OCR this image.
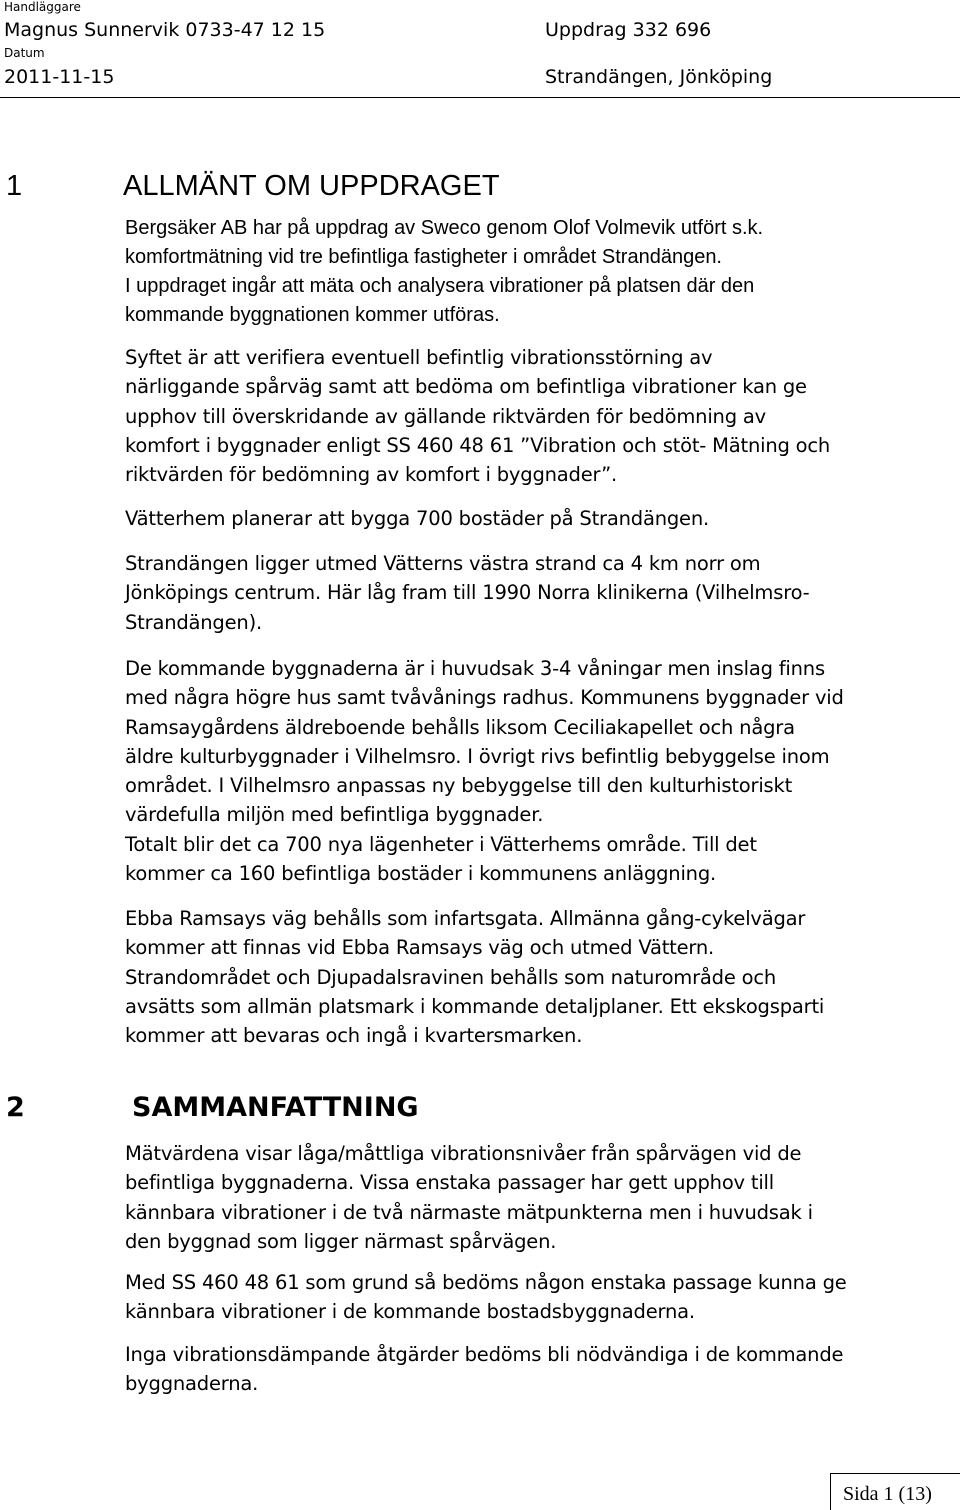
Handläggare
Magnus Sunnervik 0733-47 12 15	Uppdrag 332 696
Datum
2011-11-15	Strandängen, Jönköping
1	ALLMÄNT OM UPPDRAGET

Bergsäker AB har på uppdrag av Sweco genom Olof Volmevik utfört s.k.
komfortmätning vid tre befintliga fastigheter i området Strandängen.
I uppdraget ingår att mäta och analysera vibrationer på platsen där den
kommande byggnationen kommer utföras.

Syftet är att verifiera eventuell befintlig vibrationsstörning av
närliggande spårväg samt att bedöma om befintliga vibrationer kan ge
upphov till överskridande av gällande riktvärden för bedömning av
komfort i byggnader enligt SS 460 48 61 ”Vibration och stöt- Mätning och
riktvärden för bedömning av komfort i byggnader”.

Vätterhem planerar att bygga 700 bostäder på Strandängen.

Strandängen ligger utmed Vätterns västra strand ca 4 km norr om
Jönköpings centrum. Här låg fram till 1990 Norra klinikerna (Vilhelmsro-
Strandängen).

De kommande byggnaderna är i huvudsak 3-4 våningar men inslag finns
med några högre hus samt tvåvånings radhus. Kommunens byggnader vid
Ramsaygårdens äldreboende behålls liksom Ceciliakapellet och några
äldre kulturbyggnader i Vilhelmsro. I övrigt rivs befintlig bebyggelse inom
området. I Vilhelmsro anpassas ny bebyggelse till den kulturhistoriskt
värdefulla miljön med befintliga byggnader.
Totalt blir det ca 700 nya lägenheter i Vätterhems område. Till det
kommer ca 160 befintliga bostäder i kommunens anläggning.

Ebba Ramsays väg behålls som infartsgata. Allmänna gång-cykelvägar
kommer att finnas vid Ebba Ramsays väg och utmed Vättern.
Strandområdet och Djupadalsravinen behålls som naturområde och
avsätts som allmän platsmark i kommande detaljplaner. Ett ekskogsparti
kommer att bevaras och ingå i kvartersmarken.

2	SAMMANFATTNING

Mätvärdena visar låga/måttliga vibrationsnivåer från spårvägen vid de
befintliga byggnaderna. Vissa enstaka passager har gett upphov till
kännbara vibrationer i de två närmaste mätpunkterna men i huvudsak i
den byggnad som ligger närmast spårvägen.

Med SS 460 48 61 som grund så bedöms någon enstaka passage kunna ge
kännbara vibrationer i de kommande bostadsbyggnaderna.

Inga vibrationsdämpande åtgärder bedöms bli nödvändiga i de kommande
byggnaderna.

Sida 1 (13)
